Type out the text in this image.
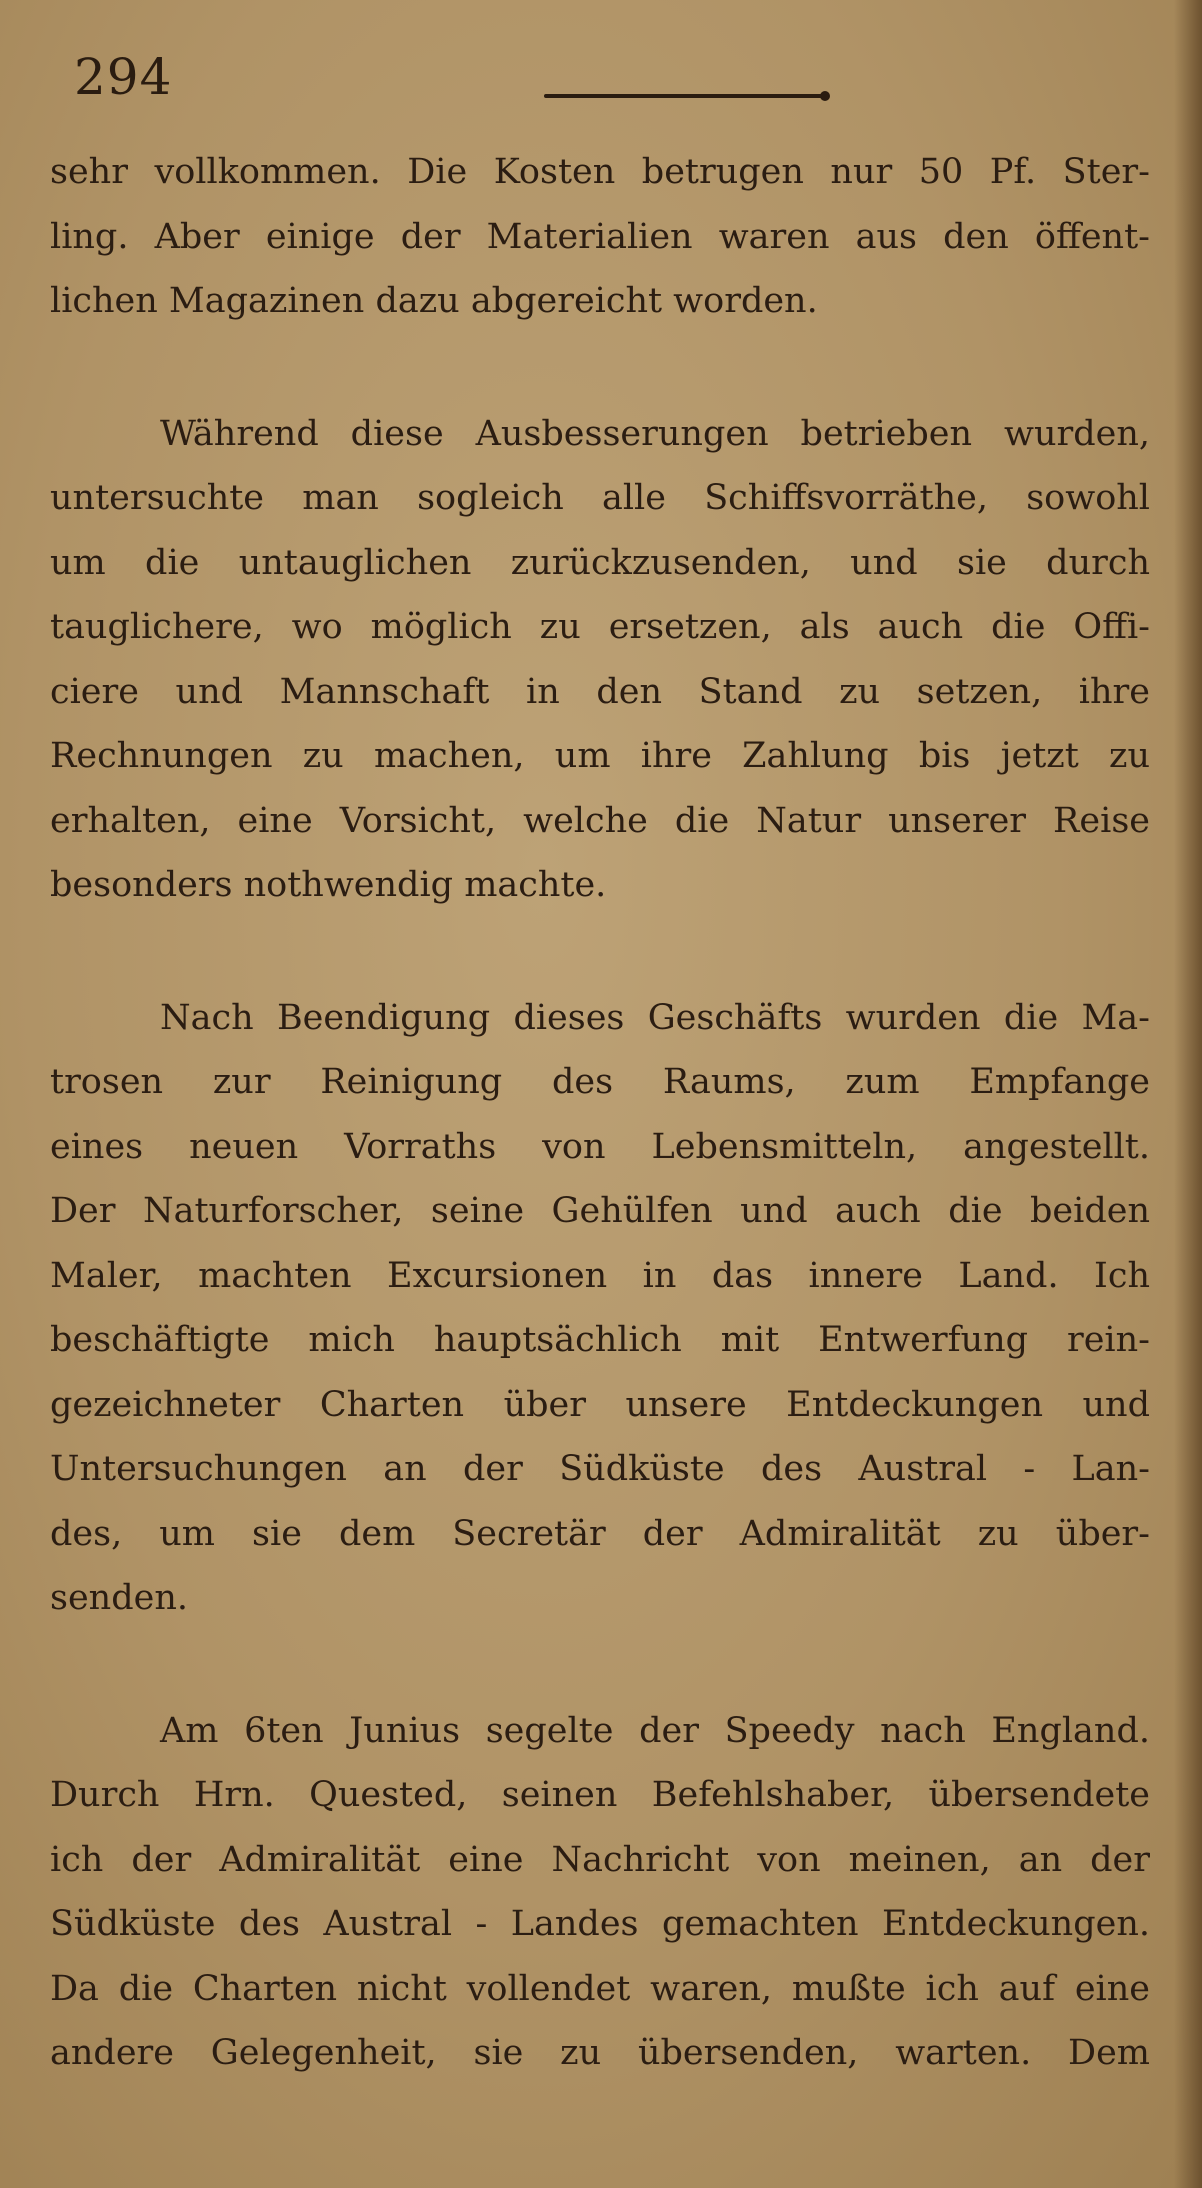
294
sehr vollkommen. Die Kosten betrugen nur 50 Pf. Ster-
ling. Aber einige der Materialien waren aus den öffent-
lichen Magazinen dazu abgereicht worden.
Während diese Ausbesserungen betrieben wurden,
untersuchte man sogleich alle Schiffsvorräthe, sowohl
um die untauglichen zurückzusenden, und sie durch
tauglichere, wo möglich zu ersetzen, als auch die Offi-
ciere und Mannschaft in den Stand zu setzen, ihre
Rechnungen zu machen, um ihre Zahlung bis jetzt zu
erhalten, eine Vorsicht, welche die Natur unserer Reise
besonders nothwendig machte.
Nach Beendigung dieses Geschäfts wurden die Ma-
trosen zur Reinigung des Raums, zum Empfange
eines neuen Vorraths von Lebensmitteln, angestellt.
Der Naturforscher, seine Gehülfen und auch die beiden
Maler, machten Excursionen in das innere Land. Ich
beschäftigte mich hauptsächlich mit Entwerfung rein-
gezeichneter Charten über unsere Entdeckungen und
Untersuchungen an der Südküste des Austral - Lan-
des, um sie dem Secretär der Admiralität zu über-
senden.
Am 6ten Junius segelte der Speedy nach England.
Durch Hrn. Quested, seinen Befehlshaber, übersendete
ich der Admiralität eine Nachricht von meinen, an der
Südküste des Austral - Landes gemachten Entdeckungen.
Da die Charten nicht vollendet waren, mußte ich auf eine
andere Gelegenheit, sie zu übersenden, warten. Dem
